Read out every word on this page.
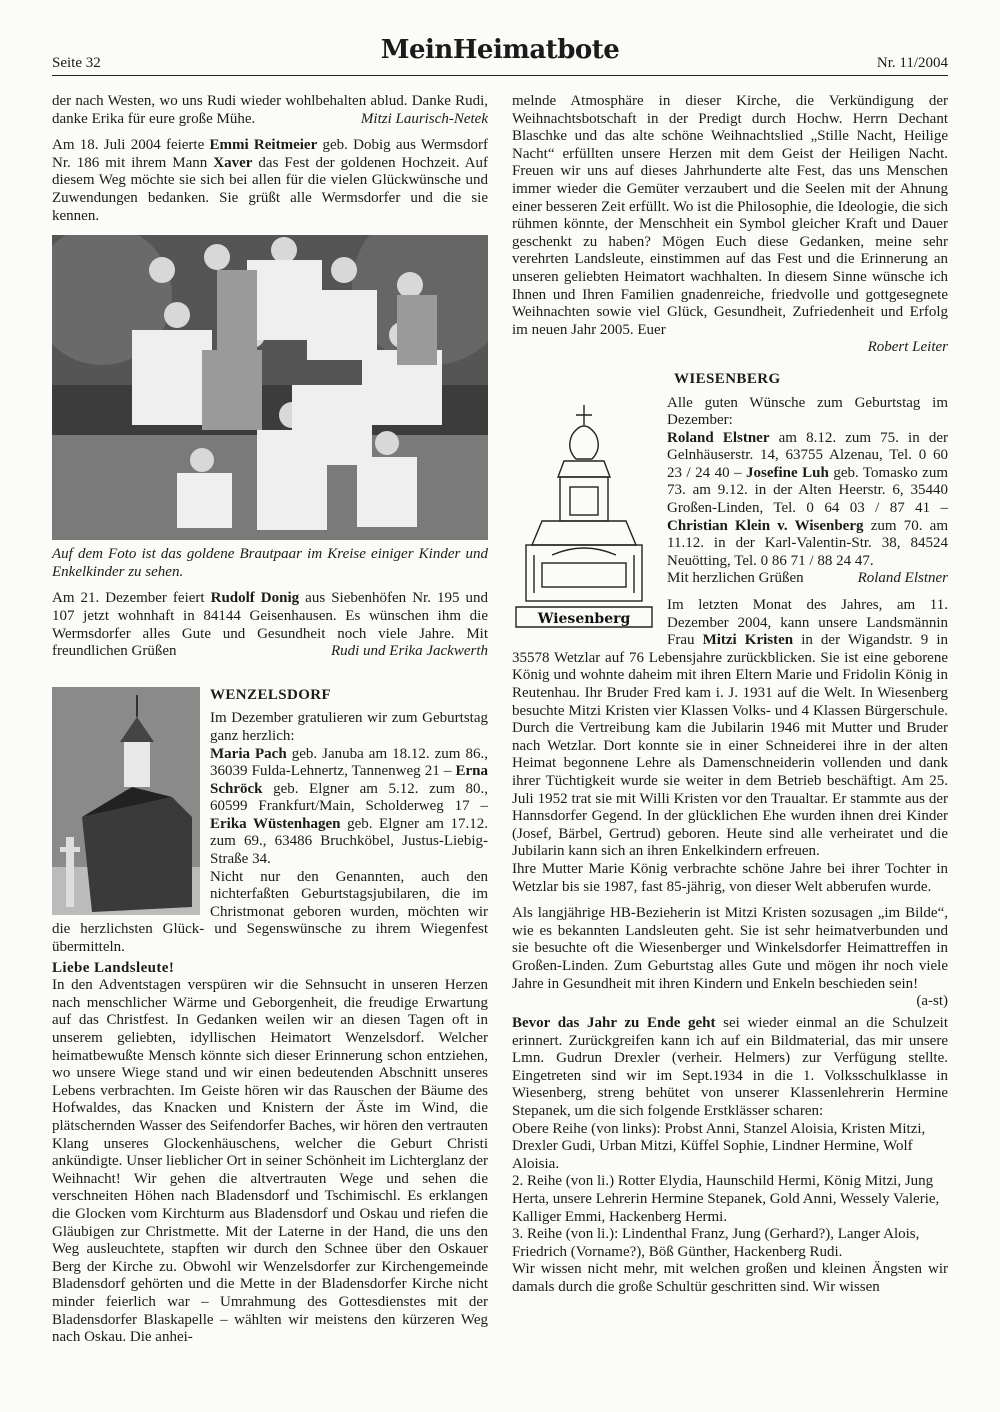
Seite 32	MeinHeimatbote	Nr. 11/2004

der nach Westen, wo uns Rudi wieder wohlbehalten ablud. Danke Rudi, danke Erika für eure große Mühe.	Mitzi Laurisch-Netek

Am 18. Juli 2004 feierte Emmi Reitmeier geb. Dobig aus Wermsdorf Nr. 186 mit ihrem Mann Xaver das Fest der goldenen Hochzeit. Auf diesem Weg möchte sie sich bei allen für die vielen Glückwünsche und Zuwendungen bedanken. Sie grüßt alle Wermsdorfer und die sie kennen.

Auf dem Foto ist das goldene Brautpaar im Kreise einiger Kinder und Enkelkinder zu sehen.

Am 21. Dezember feiert Rudolf Donig aus Siebenhöfen Nr. 195 und 107 jetzt wohnhaft in 84144 Geisenhausen. Es wünschen ihm die Wermsdorfer alles Gute und Gesundheit noch viele Jahre. Mit freundlichen Grüßen	Rudi und Erika Jackwerth

WENZELSDORF

Im Dezember gratulieren wir zum Geburtstag ganz herzlich:

Maria Pach geb. Januba am 18.12. zum 86., 36039 Fulda-Lehnertz, Tannenweg 21 – Erna Schröck geb. Elgner am 5.12. zum 80., 60599 Frankfurt/Main, Scholderweg 17 – Erika Wüstenhagen geb. Elgner am 17.12. zum 69., 63486 Bruchköbel, Justus-Liebig-Straße 34.

Nicht nur den Genannten, auch den nichterfaßten Geburtstagsjubilaren, die im Christmonat geboren wurden, möchten wir die herzlichsten Glück- und Segenswünsche zu ihrem Wiegenfest übermitteln.

Liebe Landsleute!

In den Adventstagen verspüren wir die Sehnsucht in unseren Herzen nach menschlicher Wärme und Geborgenheit, die freudige Erwartung auf das Christfest. In Gedanken weilen wir an diesen Tagen oft in unserem geliebten, idyllischen Heimatort Wenzelsdorf. Welcher heimatbewußte Mensch könnte sich dieser Erinnerung schon entziehen, wo unsere Wiege stand und wir einen bedeutenden Abschnitt unseres Lebens verbrachten. Im Geiste hören wir das Rauschen der Bäume des Hofwaldes, das Knacken und Knistern der Äste im Wind, die plätschernden Wasser des Seifendorfer Baches, wir hören den vertrauten Klang unseres Glockenhäuschens, welcher die Geburt Christi ankündigte. Unser lieblicher Ort in seiner Schönheit im Lichterglanz der Weihnacht! Wir gehen die altvertrauten Wege und sehen die verschneiten Höhen nach Bladensdorf und Tschimischl. Es erklangen die Glocken vom Kirchturm aus Bladensdorf und Oskau und riefen die Gläubigen zur Christmette. Mit der Laterne in der Hand, die uns den Weg ausleuchtete, stapften wir durch den Schnee über den Oskauer Berg der Kirche zu. Obwohl wir Wenzelsdorfer zur Kirchengemeinde Bladensdorf gehörten und die Mette in der Bladensdorfer Kirche nicht minder feierlich war – Umrahmung des Gottesdienstes mit der Bladensdorfer Blaskapelle – wählten wir meistens den kürzeren Weg nach Oskau. Die anhei-

melnde Atmosphäre in dieser Kirche, die Verkündigung der Weihnachtsbotschaft in der Predigt durch Hochw. Herrn Dechant Blaschke und das alte schöne Weihnachtslied „Stille Nacht, Heilige Nacht“ erfüllten unsere Herzen mit dem Geist der Heiligen Nacht. Freuen wir uns auf dieses Jahrhunderte alte Fest, das uns Menschen immer wieder die Gemüter verzaubert und die Seelen mit der Ahnung einer besseren Zeit erfüllt. Wo ist die Philosophie, die Ideologie, die sich rühmen könnte, der Menschheit ein Symbol gleicher Kraft und Dauer geschenkt zu haben? Mögen Euch diese Gedanken, meine sehr verehrten Landsleute, einstimmen auf das Fest und die Erinnerung an unseren geliebten Heimatort wachhalten. In diesem Sinne wünsche ich Ihnen und Ihren Familien gnadenreiche, friedvolle und gottgesegnete Weihnachten sowie viel Glück, Gesundheit, Zufriedenheit und Erfolg im neuen Jahr 2005. Euer

Robert Leiter

WIESENBERG
Wiesenberg

Alle guten Wünsche zum Geburtstag im Dezember:

Roland Elstner am 8.12. zum 75. in der Gelnhäuserstr. 14, 63755 Alzenau, Tel. 0 60 23 / 24 40 – Josefine Luh geb. Tomasko zum 73. am 9.12. in der Alten Heerstr. 6, 35440 Großen-Linden, Tel. 0 64 03 / 87 41 – Christian Klein v. Wisenberg zum 70. am 11.12. in der Karl-Valentin-Str. 38, 84524 Neuötting, Tel. 0 86 71 / 88 24 47.

Mit herzlichen Grüßen	Roland Elstner

Im letzten Monat des Jahres, am 11. Dezember 2004, kann unsere Landsmännin Frau Mitzi Kristen in der Wigandstr. 9 in 35578 Wetzlar auf 76 Lebensjahre zurückblicken. Sie ist eine geborene König und wohnte daheim mit ihren Eltern Marie und Fridolin König in Reutenhau. Ihr Bruder Fred kam i. J. 1931 auf die Welt. In Wiesenberg besuchte Mitzi Kristen vier Klassen Volks- und 4 Klassen Bürgerschule. Durch die Vertreibung kam die Jubilarin 1946 mit Mutter und Bruder nach Wetzlar. Dort konnte sie in einer Schneiderei ihre in der alten Heimat begonnene Lehre als Damenschneiderin vollenden und dank ihrer Tüchtigkeit wurde sie weiter in dem Betrieb beschäftigt. Am 25. Juli 1952 trat sie mit Willi Kristen vor den Traualtar. Er stammte aus der Hannsdorfer Gegend. In der glücklichen Ehe wurden ihnen drei Kinder (Josef, Bärbel, Gertrud) geboren. Heute sind alle verheiratet und die Jubilarin kann sich an ihren Enkelkindern erfreuen.

Ihre Mutter Marie König verbrachte schöne Jahre bei ihrer Tochter in Wetzlar bis sie 1987, fast 85-jährig, von dieser Welt abberufen wurde.

Als langjährige HB-Bezieherin ist Mitzi Kristen sozusagen „im Bilde“, wie es bekannten Landsleuten geht. Sie ist sehr heimatverbunden und sie besuchte oft die Wiesenberger und Winkelsdorfer Heimattreffen in Großen-Linden. Zum Geburtstag alles Gute und mögen ihr noch viele Jahre in Gesundheit mit ihren Kindern und Enkeln beschieden sein!
(a-st)

Bevor das Jahr zu Ende geht sei wieder einmal an die Schulzeit erinnert. Zurückgreifen kann ich auf ein Bildmaterial, das mir unsere Lmn. Gudrun Drexler (verheir. Helmers) zur Verfügung stellte. Eingetreten sind wir im Sept.1934 in die 1. Volksschulklasse in Wiesenberg, streng behütet von unserer Klassenlehrerin Hermine Stepanek, um die sich folgende Erstklässer scharen:

Obere Reihe (von links): Probst Anni, Stanzel Aloisia, Kristen Mitzi, Drexler Gudi, Urban Mitzi, Küffel Sophie, Lindner Hermine, Wolf Aloisia.

2. Reihe (von li.) Rotter Elydia, Haunschild Hermi, König Mitzi, Jung Herta, unsere Lehrerin Hermine Stepanek, Gold Anni, Wessely Valerie, Kalliger Emmi, Hackenberg Hermi.

3. Reihe (von li.): Lindenthal Franz, Jung (Gerhard?), Langer Alois, Friedrich (Vorname?), Böß Günther, Hackenberg Rudi.

Wir wissen nicht mehr, mit welchen großen und kleinen Ängsten wir damals durch die große Schultür geschritten sind. Wir wissen
